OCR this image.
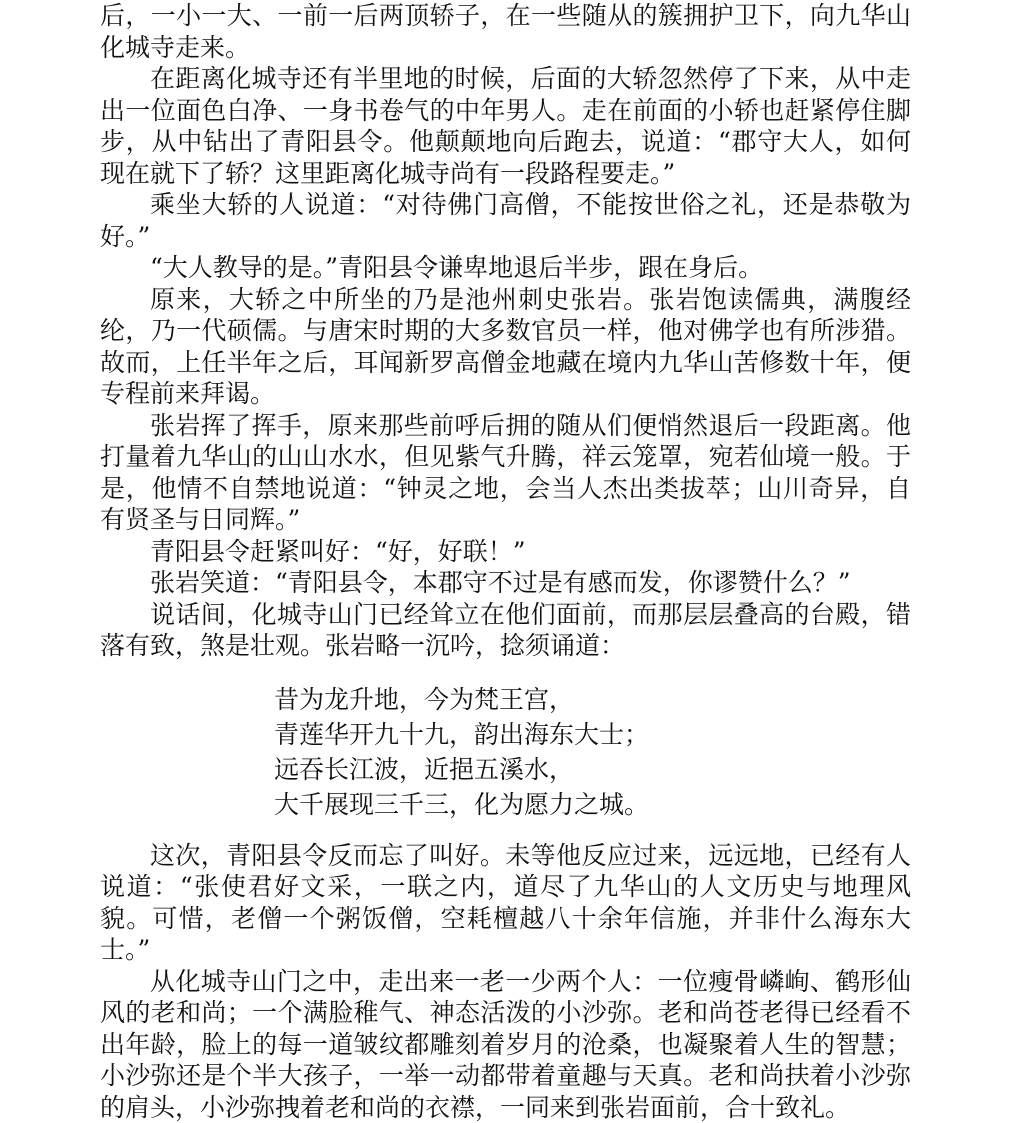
后，一小一大、一前一后两顶轿子，在一些随从的簇拥护卫下，向九华山化城寺走来。

在距离化城寺还有半里地的时候，后面的大轿忽然停了下来，从中走出一位面色白净、一身书卷气的中年男人。走在前面的小轿也赶紧停住脚步，从中钻出了青阳县令。他颠颠地向后跑去，说道：“郡守大人，如何现在就下了轿？这里距离化城寺尚有一段路程要走。”

乘坐大轿的人说道：“对待佛门高僧，不能按世俗之礼，还是恭敬为好。”

“大人教导的是。”青阳县令谦卑地退后半步，跟在身后。

原来，大轿之中所坐的乃是池州刺史张岩。张岩饱读儒典，满腹经纶，乃一代硕儒。与唐宋时期的大多数官员一样，他对佛学也有所涉猎。故而，上任半年之后，耳闻新罗高僧金地藏在境内九华山苦修数十年，便专程前来拜谒。

张岩挥了挥手，原来那些前呼后拥的随从们便悄然退后一段距离。他打量着九华山的山山水水，但见紫气升腾，祥云笼罩，宛若仙境一般。于是，他情不自禁地说道：“钟灵之地，会当人杰出类拔萃；山川奇异，自有贤圣与日同辉。”

青阳县令赶紧叫好：“好，好联！”

张岩笑道：“青阳县令，本郡守不过是有感而发，你谬赞什么？”

说话间，化城寺山门已经耸立在他们面前，而那层层叠高的台殿，错落有致，煞是壮观。张岩略一沉吟，捻须诵道：

昔为龙升地，今为梵王宫，
青莲华开九十九，韵出海东大士；
远吞长江波，近挹五溪水，
大千展现三千三，化为愿力之城。

这次，青阳县令反而忘了叫好。未等他反应过来，远远地，已经有人说道：“张使君好文采，一联之内，道尽了九华山的人文历史与地理风貌。可惜，老僧一个粥饭僧，空耗檀越八十余年信施，并非什么海东大士。”

从化城寺山门之中，走出来一老一少两个人：一位瘦骨嶙峋、鹤形仙风的老和尚；一个满脸稚气、神态活泼的小沙弥。老和尚苍老得已经看不出年龄，脸上的每一道皱纹都雕刻着岁月的沧桑，也凝聚着人生的智慧；小沙弥还是个半大孩子，一举一动都带着童趣与天真。老和尚扶着小沙弥的肩头，小沙弥拽着老和尚的衣襟，一同来到张岩面前，合十致礼。
